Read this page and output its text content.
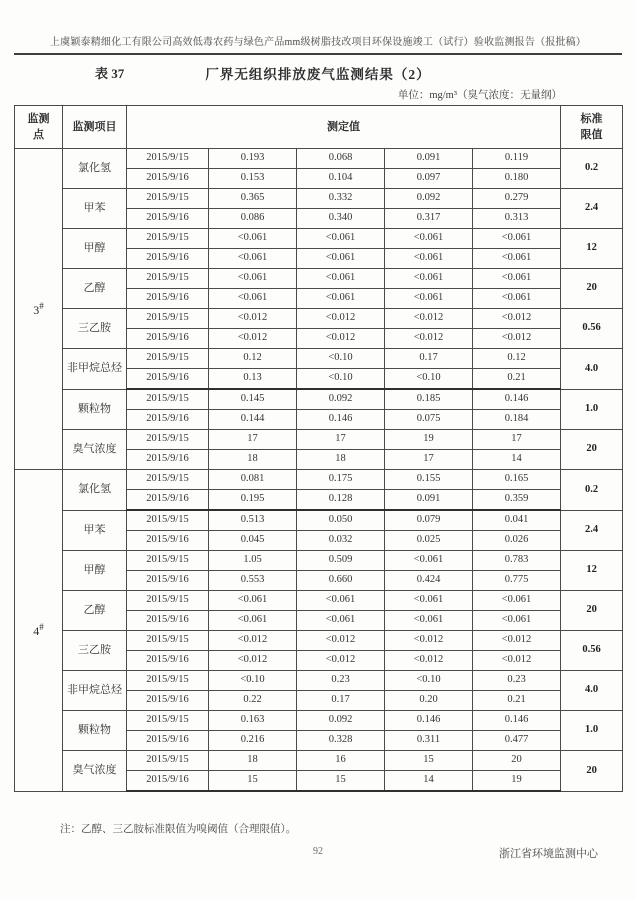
上虞颖泰精细化工有限公司高效低毒农药与绿色产品mm级树脂技改项目环保设施竣工（试行）验收监测报告（报批稿）
表 37	厂界无组织排放废气监测结果（2）
单位：mg/m³（臭气浓度：无量纲）
监测点	监测项目	测定值					标准限值
3#	氯化氢	2015/9/15	0.193	0.068	0.091	0.119	0.2
		2015/9/16	0.153	0.104	0.097	0.180	
	甲苯	2015/9/15	0.365	0.332	0.092	0.279	2.4
		2015/9/16	0.086	0.340	0.317	0.313	
	甲醇	2015/9/15	<0.061	<0.061	<0.061	<0.061	12
		2015/9/16	<0.061	<0.061	<0.061	<0.061	
	乙醇	2015/9/15	<0.061	<0.061	<0.061	<0.061	20
		2015/9/16	<0.061	<0.061	<0.061	<0.061	
	三乙胺	2015/9/15	<0.012	<0.012	<0.012	<0.012	0.56
		2015/9/16	<0.012	<0.012	<0.012	<0.012	
	非甲烷总烃	2015/9/15	0.12	<0.10	0.17	0.12	4.0
		2015/9/16	0.13	<0.10	<0.10	0.21	
	颗粒物	2015/9/15	0.145	0.092	0.185	0.146	1.0
		2015/9/16	0.144	0.146	0.075	0.184	
	臭气浓度	2015/9/15	17	17	19	17	20
		2015/9/16	18	18	17	14	
4#	氯化氢	2015/9/15	0.081	0.175	0.155	0.165	0.2
		2015/9/16	0.195	0.128	0.091	0.359	
	甲苯	2015/9/15	0.513	0.050	0.079	0.041	2.4
		2015/9/16	0.045	0.032	0.025	0.026	
	甲醇	2015/9/15	1.05	0.509	<0.061	0.783	12
		2015/9/16	0.553	0.660	0.424	0.775	
	乙醇	2015/9/15	<0.061	<0.061	<0.061	<0.061	20
		2015/9/16	<0.061	<0.061	<0.061	<0.061	
	三乙胺	2015/9/15	<0.012	<0.012	<0.012	<0.012	0.56
		2015/9/16	<0.012	<0.012	<0.012	<0.012	
	非甲烷总烃	2015/9/15	<0.10	0.23	<0.10	0.23	4.0
		2015/9/16	0.22	0.17	0.20	0.21	
	颗粒物	2015/9/15	0.163	0.092	0.146	0.146	1.0
		2015/9/16	0.216	0.328	0.311	0.477	
	臭气浓度	2015/9/15	18	16	15	20	20
		2015/9/16	15	15	14	19	
注：乙醇、三乙胺标准限值为嗅阈值（合理限值）。
92	浙江省环境监测中心
